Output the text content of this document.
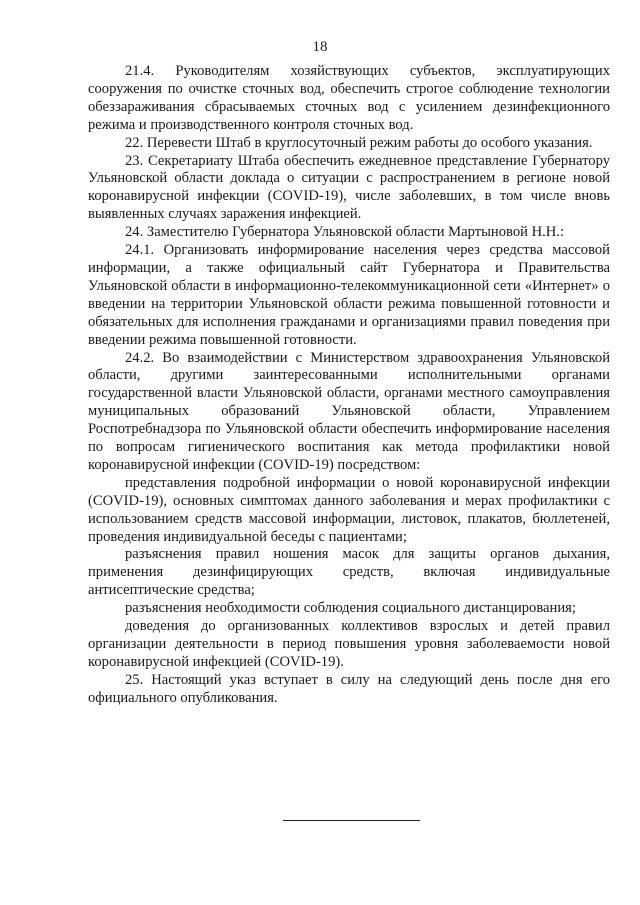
18

21.4. Руководителям хозяйствующих субъектов, эксплуатирующих сооружения по очистке сточных вод, обеспечить строгое соблюдение технологии обеззараживания сбрасываемых сточных вод с усилением дезинфекционного режима и производственного контроля сточных вод.

22. Перевести Штаб в круглосуточный режим работы до особого указания.

23. Секретариату Штаба обеспечить ежедневное представление Губернатору Ульяновской области доклада о ситуации с распространением в регионе новой коронавирусной инфекции (COVID-19), числе заболевших, в том числе вновь выявленных случаях заражения инфекцией.

24. Заместителю Губернатора Ульяновской области Мартыновой Н.Н.:

24.1. Организовать информирование населения через средства массовой информации, а также официальный сайт Губернатора и Правительства Ульяновской области в информационно-телекоммуникационной сети «Интернет» о введении на территории Ульяновской области режима повышенной готовности и обязательных для исполнения гражданами и организациями правил поведения при введении режима повышенной готовности.

24.2. Во взаимодействии с Министерством здравоохранения Ульяновской области, другими заинтересованными исполнительными органами государственной власти Ульяновской области, органами местного самоуправления муниципальных образований Ульяновской области, Управлением Роспотребнадзора по Ульяновской области обеспечить информирование населения по вопросам гигиенического воспитания как метода профилактики новой коронавирусной инфекции (COVID-19) посредством:

представления подробной информации о новой коронавирусной инфекции (COVID-19), основных симптомах данного заболевания и мерах профилактики с использованием средств массовой информации, листовок, плакатов, бюллетеней, проведения индивидуальной беседы с пациентами;

разъяснения правил ношения масок для защиты органов дыхания, применения дезинфицирующих средств, включая индивидуальные антисептические средства;

разъяснения необходимости соблюдения социального дистанцирования;

доведения до организованных коллективов взрослых и детей правил организации деятельности в период повышения уровня заболеваемости новой коронавирусной инфекцией (COVID-19).

25. Настоящий указ вступает в силу на следующий день после дня его официального опубликования.
